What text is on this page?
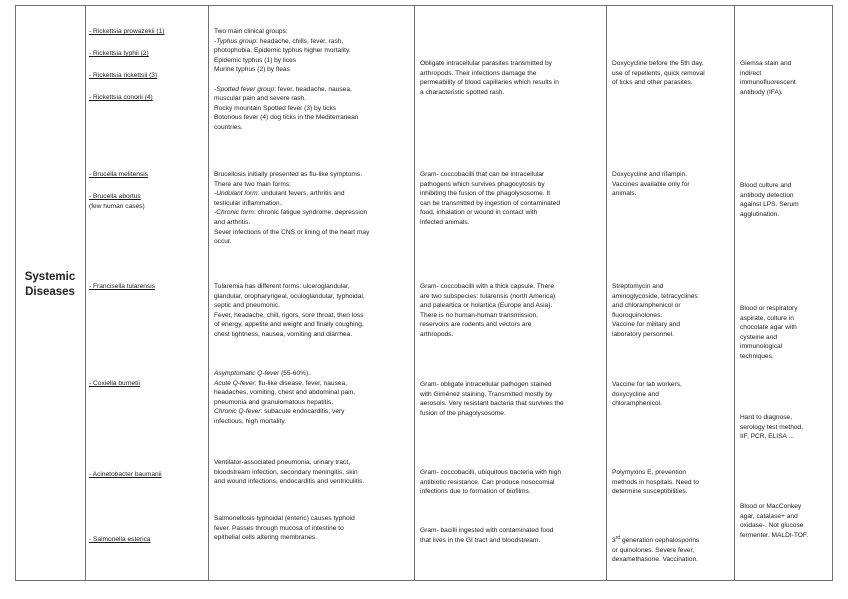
Systemic
Diseases
- Rickettsia prowazekii (1)
- Rickettsia typhii (2)
- Rickettsia rickettsii (3)
- Rickettsia conorii (4)
- Brucella melitensis
- Brucella abortus
(few human cases)
- Francisella tularensis
- Coxiella burnetii
- Acinetobacter baumanii
- Salmonella esterica
Two main clinical groups:
-Typhus group: headache, chills, fever, rash,
photophobia. Epidemic typhus higher mortality.
Epidemic typhus (1) by lices
Murine typhus (2) by fleas

-Spotted fever group: fever, headache, nausea,
muscular pain and severe rash.
Rocky mountain Spotted fever (3) by ticks
Botonous fever (4) dog ticks in the Mediterranean
countries.
Brucellosis initially presented as flu-like symptoms.
There are two main forms:
-Undulant form: undulant fevers, arthritis and
testicular inflammation.
-Chronic form: chronic fatigue syndrome, depression
and arthritis.
Sever infections of the CNS or lining of the heart may
occur.
Tularemia has different forms: ulceroglandular,
glandular, oropharyngeal, oculoglandular, typhoidal,
septic and pneumonic.
Fever, headache, chill, rigors, sore throat, then loss
of energy, appetite and weight and finally coughing,
chest tightness, nausea, vomiting and diarrhea.
Asymptomatic Q-fever (55-60%).
Acute Q-fever: flu-like disease, fever, nausea,
headaches, vomiting, chest and abdominal pain,
pneumonia and granulomatous hepatitis.
Chronic Q-fever: subacute endocarditis, very
infectious, high mortality.
Ventilator-associated pneumonia, urinary tract,
bloodstream infection, secondary meningitis, skin
and wound infections, endocarditis and ventriculitis.
Salmonellosis typhoidal (enteric) causes typhoid
fever. Passes through mucosa of intestine to
epithelial cells altering membranes.
Obligate intracellular parasites transmitted by
arthropods. Their infections damage the
permeability of blood capillaries which results in
a characteristic spotted rash.
Gram- coccobacilli that can be intracellular
pathogens which survives phagocytosis by
inhibiting the fusion of the phagolysosome. It
can be transmitted by ingestion of contaminated
food, inhalation or wound in contact with
infected animals.
Gram- coccobacilli with a thick capsule. There
are two subspecies: tularensis (north America)
and paleartica or holartica (Europe and Asia).
There is no human-human transmission,
reservoirs are rodents and vectors are
arthropods.
Gram- obligate intracellular pathogen stained
with Giménez staining. Transmitted mostly by
aerosols. Very resistant bacteria that survives the
fusion of the phagolysosome.
Gram- coccobacilli, ubiquitous bacteria with high
antibiotic resistance. Can produce nosocomial
infections due to formation of biofilms.
Gram- bacilli ingested with contaminated food
that lives in the GI tract and bloodstream.
Doxycycline before the 5th day,
use of repellents, quick removal
of ticks and other parasites.
Doxycycline and rifampin.
Vaccines available only for
animals.
Streptomycin and
aminoglycoside, tetracyclines
and chloramphenicol or
fluoroquinolones.
Vaccine for military and
laboratory personnel.
Vaccine for lab workers,
doxycycline and
chloramphenicol.
Polymyxins E, prevention
methods in hospitals. Need to
determine susceptibilities.
3rd generation cephalosporins
or quinolones. Severe fever,
dexamethasone. Vaccination.
Giemsa stain and
indirect
immunofluorescent
antibody (IFA).
Blood culture and
antibody detection
against LPS. Serum
agglutination.
Blood or respiratory
aspirate, culture in
chocolate agar with
cysteine and
immunological
techniques.
Hard to diagnose,
serology test method,
IIF, PCR, ELISA ...
Blood or MacConkey
agar, catalase+ and
oxidase-. Not glucose
fermenter. MALDI-TOF.
